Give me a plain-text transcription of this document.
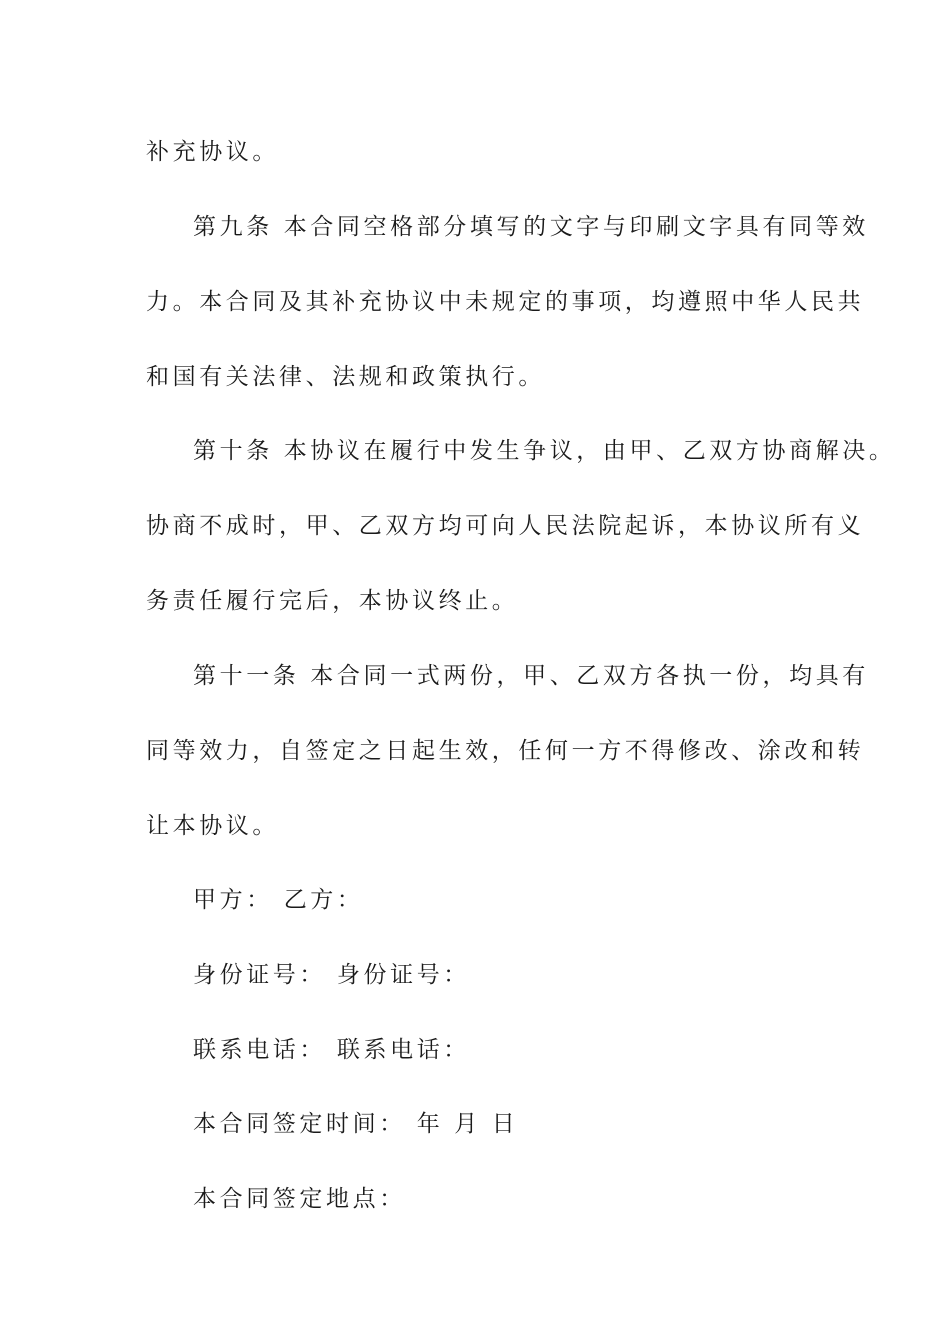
补充协议。
第九条 本合同空格部分填写的文字与印刷文字具有同等效
力。本合同及其补充协议中未规定的事项，均遵照中华人民共
和国有关法律、法规和政策执行。
第十条 本协议在履行中发生争议，由甲、乙双方协商解决。
协商不成时，甲、乙双方均可向人民法院起诉，本协议所有义
务责任履行完后，本协议终止。
第十一条 本合同一式两份，甲、乙双方各执一份，均具有
同等效力，自签定之日起生效，任何一方不得修改、涂改和转
让本协议。
甲方： 乙方：
身份证号： 身份证号：
联系电话： 联系电话：
本合同签定时间： 年 月 日
本合同签定地点：
